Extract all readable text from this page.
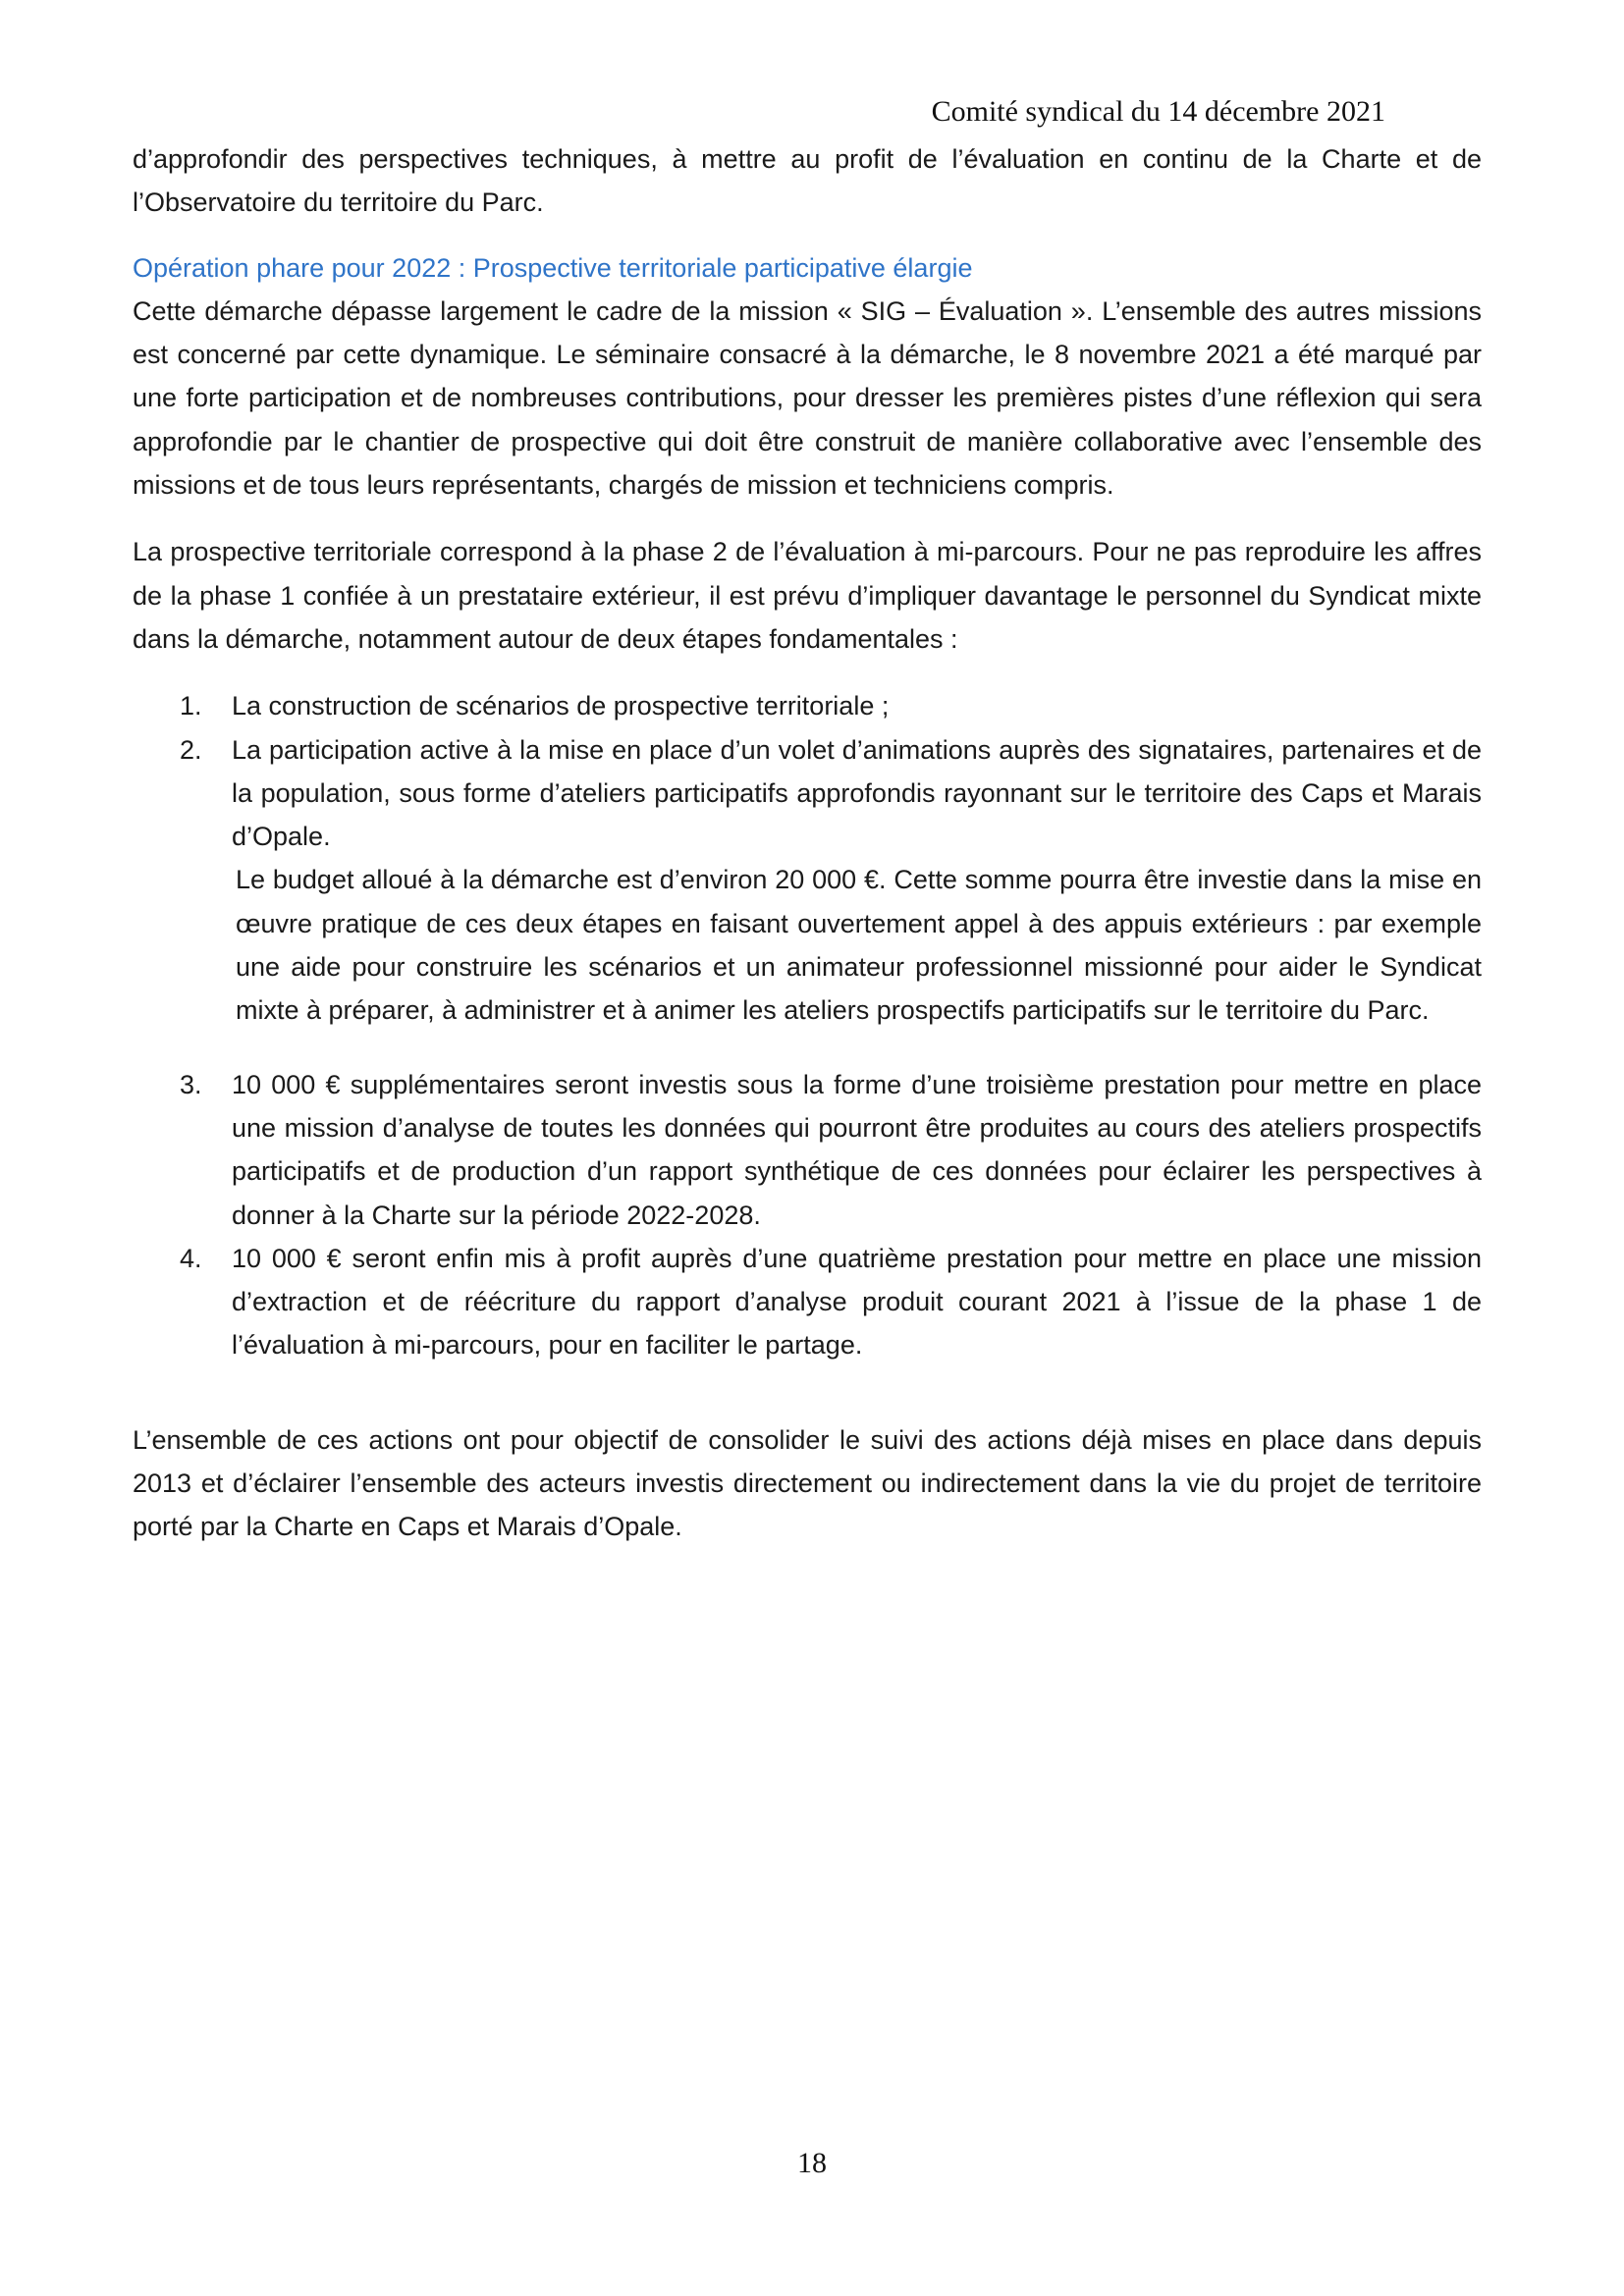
Comité syndical du 14 décembre 2021

d’approfondir des perspectives techniques, à mettre au profit de l’évaluation en continu de la Charte et de l’Observatoire du territoire du Parc.

Opération phare pour 2022 : Prospective territoriale participative élargie

Cette démarche dépasse largement le cadre de la mission « SIG – Évaluation ». L’ensemble des autres missions est concerné par cette dynamique. Le séminaire consacré à la démarche, le 8 novembre 2021 a été marqué par une forte participation et de nombreuses contributions, pour dresser les premières pistes d’une réflexion qui sera approfondie par le chantier de prospective qui doit être construit de manière collaborative avec l’ensemble des missions et de tous leurs représentants, chargés de mission et techniciens compris.

La prospective territoriale correspond à la phase 2 de l’évaluation à mi-parcours. Pour ne pas reproduire les affres de la phase 1 confiée à un prestataire extérieur, il est prévu d’impliquer davantage le personnel du Syndicat mixte dans la démarche, notamment autour de deux étapes fondamentales :

1. La construction de scénarios de prospective territoriale ;

2. La participation active à la mise en place d’un volet d’animations auprès des signataires, partenaires et de la population, sous forme d’ateliers participatifs approfondis rayonnant sur le territoire des Caps et Marais d’Opale.

Le budget alloué à la démarche est d’environ 20 000 €. Cette somme pourra être investie dans la mise en œuvre pratique de ces deux étapes en faisant ouvertement appel à des appuis extérieurs : par exemple une aide pour construire les scénarios et un animateur professionnel missionné pour aider le Syndicat mixte à préparer, à administrer et à animer les ateliers prospectifs participatifs sur le territoire du Parc.

3. 10 000 € supplémentaires seront investis sous la forme d’une troisième prestation pour mettre en place une mission d’analyse de toutes les données qui pourront être produites au cours des ateliers prospectifs participatifs et de production d’un rapport synthétique de ces données pour éclairer les perspectives à donner à la Charte sur la période 2022-2028.

4. 10 000 € seront enfin mis à profit auprès d’une quatrième prestation pour mettre en place une mission d’extraction et de réécriture du rapport d’analyse produit courant 2021 à l’issue de la phase 1 de l’évaluation à mi-parcours, pour en faciliter le partage.

L’ensemble de ces actions ont pour objectif de consolider le suivi des actions déjà mises en place dans depuis 2013 et d’éclairer l’ensemble des acteurs investis directement ou indirectement dans la vie du projet de territoire porté par la Charte en Caps et Marais d’Opale.

18
